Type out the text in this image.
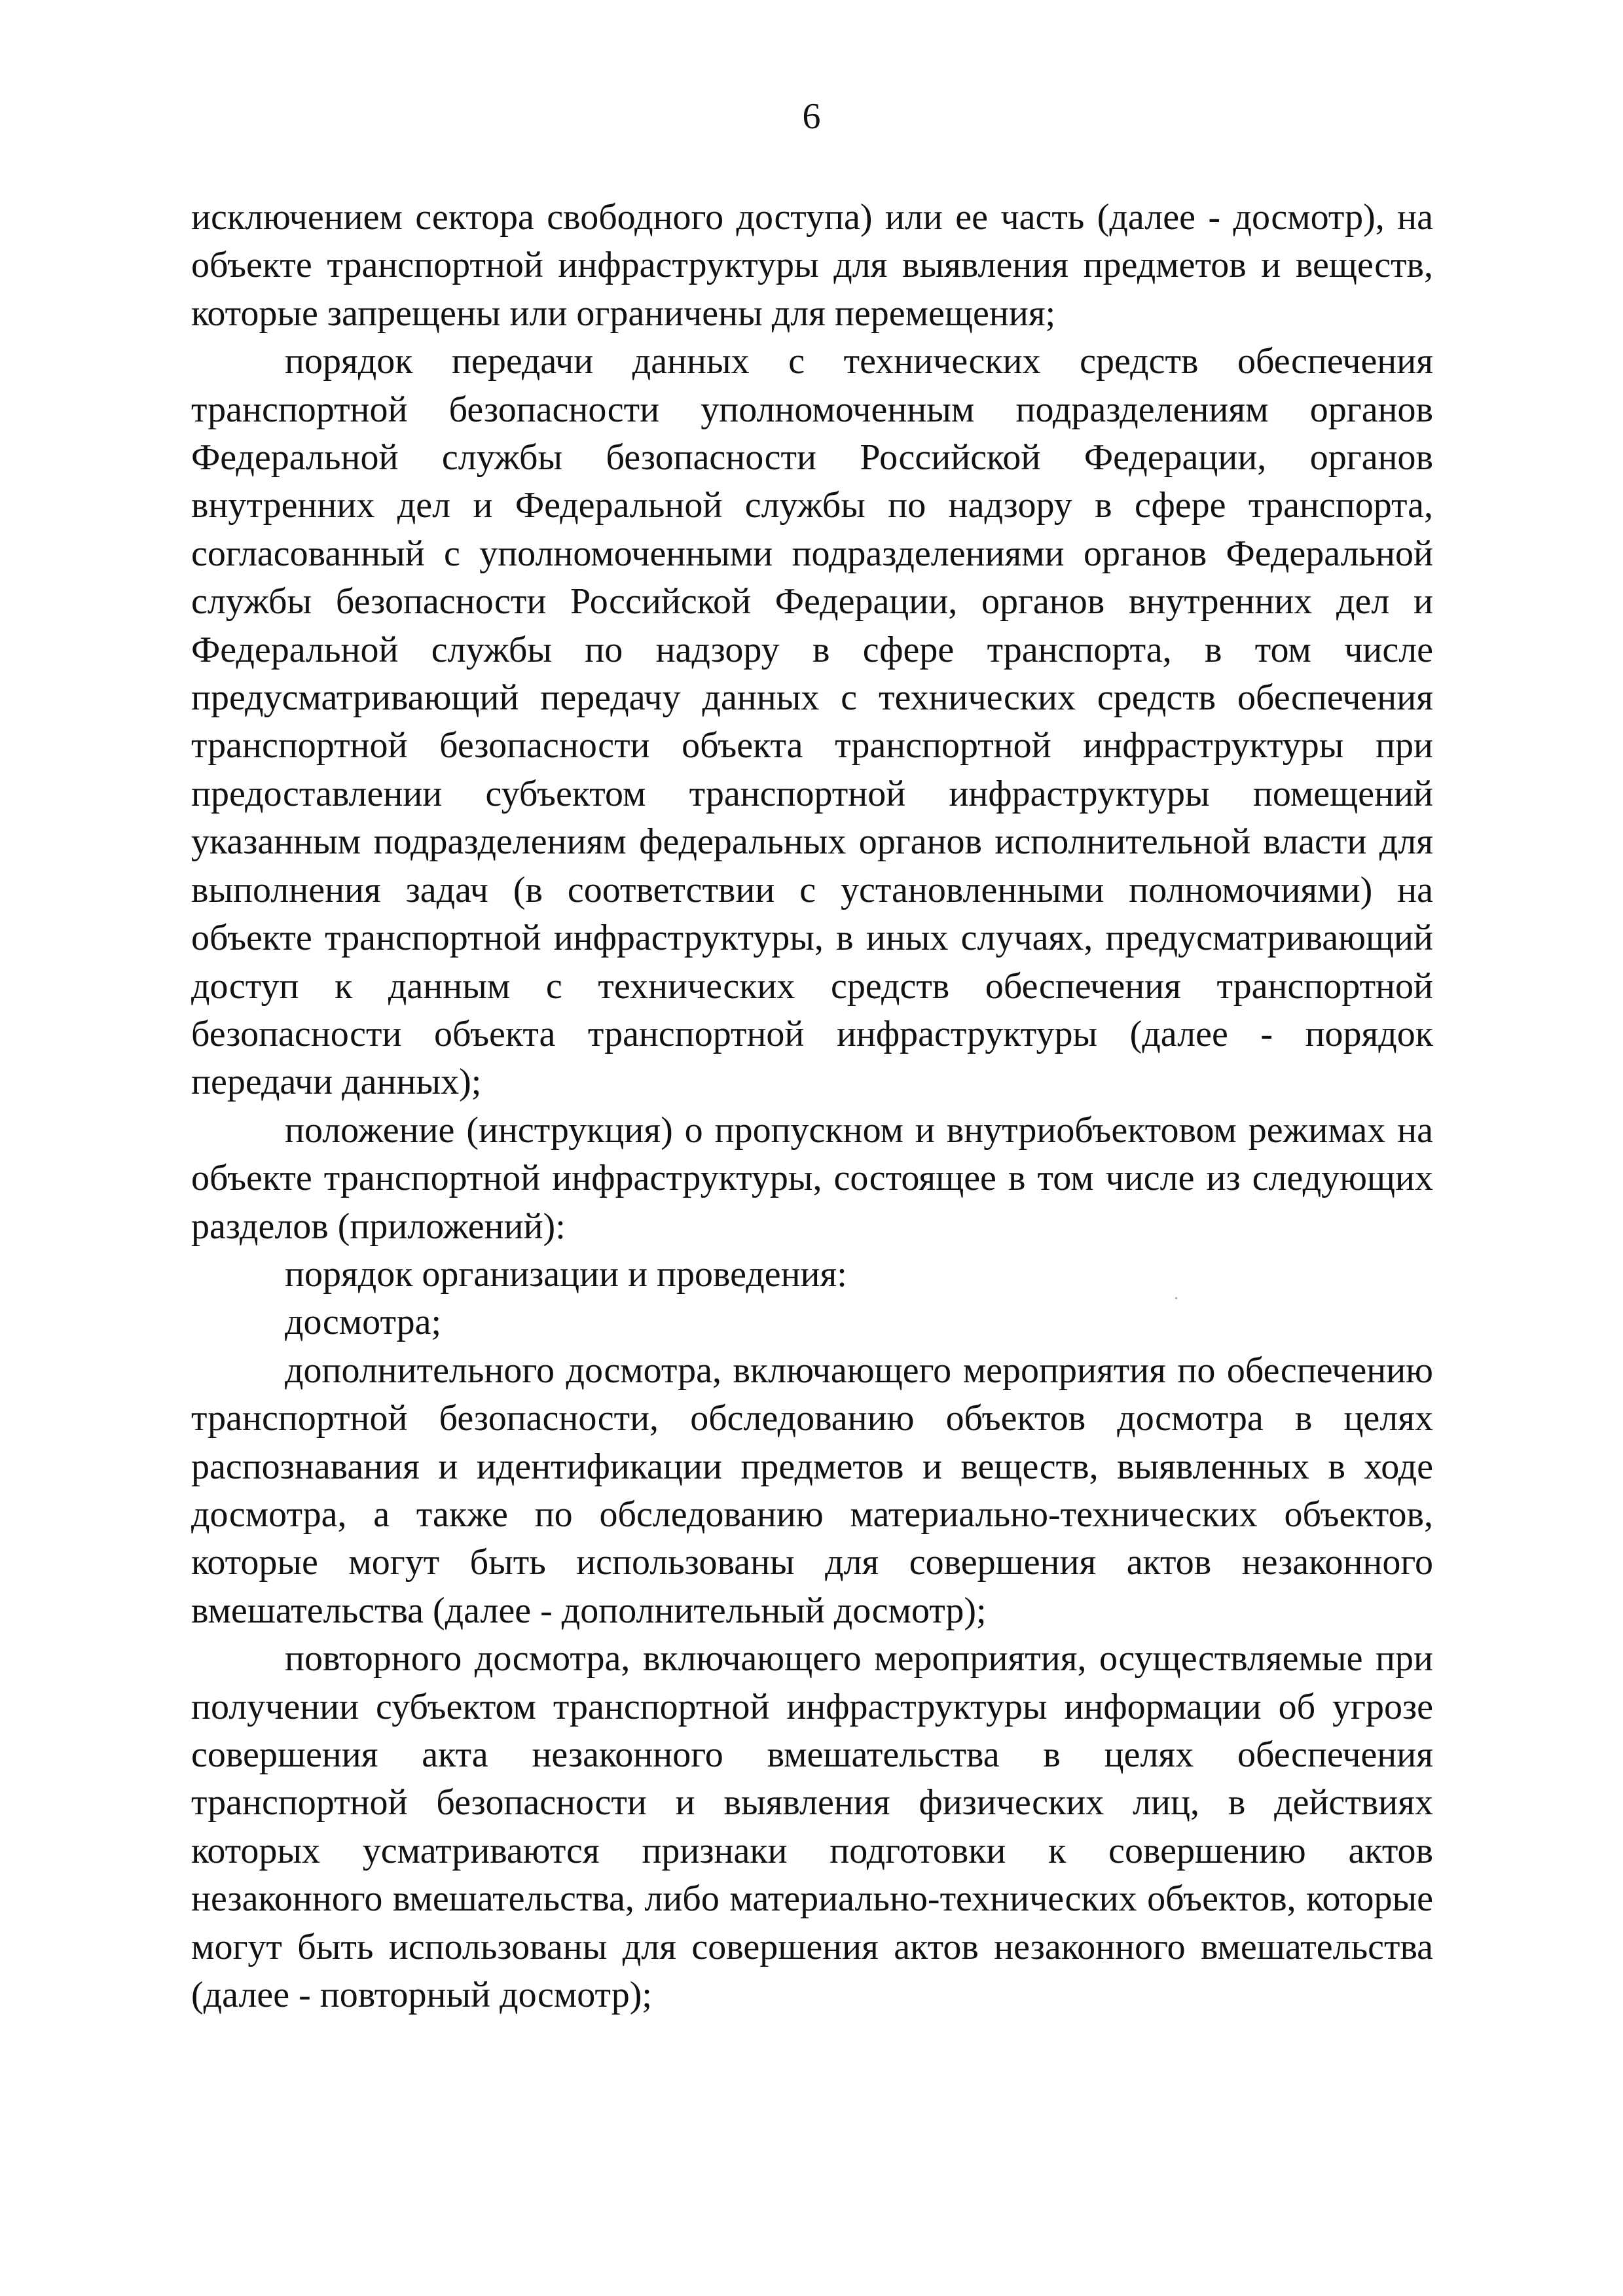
6

исключением сектора свободного доступа) или ее часть (далее - досмотр), на объекте транспортной инфраструктуры для выявления предметов и веществ, которые запрещены или ограничены для перемещения;

порядок передачи данных с технических средств обеспечения транспортной безопасности уполномоченным подразделениям органов Федеральной службы безопасности Российской Федерации, органов внутренних дел и Федеральной службы по надзору в сфере транспорта, согласованный с уполномоченными подразделениями органов Федеральной службы безопасности Российской Федерации, органов внутренних дел и Федеральной службы по надзору в сфере транспорта, в том числе предусматривающий передачу данных с технических средств обеспечения транспортной безопасности объекта транспортной инфраструктуры при предоставлении субъектом транспортной инфраструктуры помещений указанным подразделениям федеральных органов исполнительной власти для выполнения задач (в соответствии с установленными полномочиями) на объекте транспортной инфраструктуры, в иных случаях, предусматривающий доступ к данным с технических средств обеспечения транспортной безопасности объекта транспортной инфраструктуры (далее - порядок передачи данных);

положение (инструкция) о пропускном и внутриобъектовом режимах на объекте транспортной инфраструктуры, состоящее в том числе из следующих разделов (приложений):

порядок организации и проведения:

досмотра;

дополнительного досмотра, включающего мероприятия по обеспечению транспортной безопасности, обследованию объектов досмотра в целях распознавания и идентификации предметов и веществ, выявленных в ходе досмотра, а также по обследованию материально-технических объектов, которые могут быть использованы для совершения актов незаконного вмешательства (далее - дополнительный досмотр);

повторного досмотра, включающего мероприятия, осуществляемые при получении субъектом транспортной инфраструктуры информации об угрозе совершения акта незаконного вмешательства в целях обеспечения транспортной безопасности и выявления физических лиц, в действиях которых усматриваются признаки подготовки к совершению актов незаконного вмешательства, либо материально-технических объектов, которые могут быть использованы для совершения актов незаконного вмешательства (далее - повторный досмотр);
